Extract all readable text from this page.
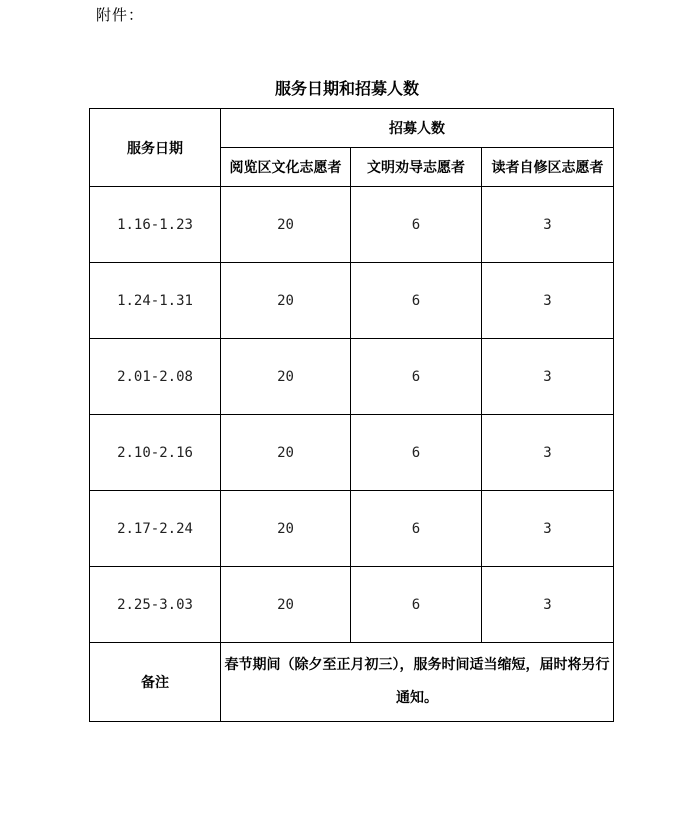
附件：
服务日期和招募人数
服务日期	招募人数		
	阅览区文化志愿者	文明劝导志愿者	读者自修区志愿者
1.16-1.23	20	6	3
1.24-1.31	20	6	3
2.01-2.08	20	6	3
2.10-2.16	20	6	3
2.17-2.24	20	6	3
2.25-3.03	20	6	3
备注	春节期间（除夕至正月初三），服务时间适当缩短，届时将另行通知。		
